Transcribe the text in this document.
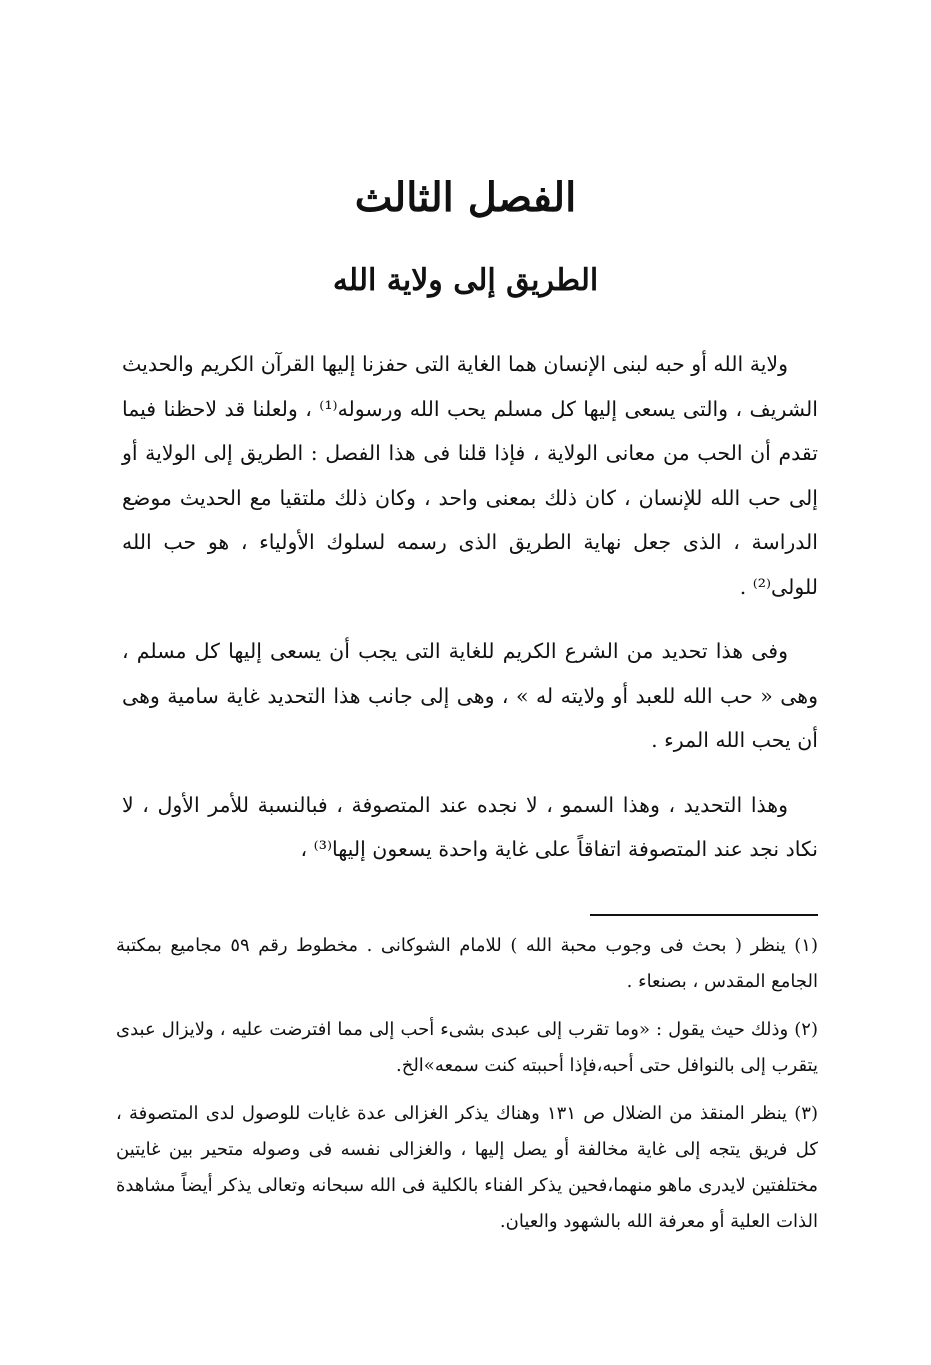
الفصل الثالث
الطريق إلى ولاية الله

ولاية الله أو حبه لبنى الإنسان هما الغاية التى حفزنا إليها القرآن الكريم والحديث الشريف ، والتى يسعى إليها كل مسلم يحب الله ورسوله⁽¹⁾ ، ولعلنا قد لاحظنا فيما تقدم أن الحب من معانى الولاية ، فإذا قلنا فى هذا الفصل : الطريق إلى الولاية أو إلى حب الله للإنسان ، كان ذلك بمعنى واحد ، وكان ذلك ملتقيا مع الحديث موضع الدراسة ، الذى جعل نهاية الطريق الذى رسمه لسلوك الأولياء ، هو حب الله للولى⁽²⁾ .

وفى هذا تحديد من الشرع الكريم للغاية التى يجب أن يسعى إليها كل مسلم ، وهى « حب الله للعبد أو ولايته له » ، وهى إلى جانب هذا التحديد غاية سامية وهى أن يحب الله المرء .

وهذا التحديد ، وهذا السمو ، لا نجده عند المتصوفة ، فبالنسبة للأمر الأول ، لا نكاد نجد عند المتصوفة اتفاقاً على غاية واحدة يسعون إليها⁽³⁾ ،

(١) ينظر ( بحث فى وجوب محبة الله ) للامام الشوكانى . مخطوط رقم ٥٩ مجاميع بمكتبة الجامع المقدس ، بصنعاء .

(٢) وذلك حيث يقول : «وما تقرب إلى عبدى بشىء أحب إلى مما افترضت عليه ، ولايزال عبدى يتقرب إلى بالنوافل حتى أحبه،فإذا أحببته كنت سمعه»الخ.

(٣) ينظر المنقذ من الضلال ص ١٣١ وهناك يذكر الغزالى عدة غايات للوصول لدى المتصوفة ، كل فريق يتجه إلى غاية مخالفة أو يصل إليها ، والغزالى نفسه فى وصوله متحير بين غايتين مختلفتين لايدرى ماهو منهما،فحين يذكر الفناء بالكلية فى الله سبحانه وتعالى يذكر أيضاً مشاهدة الذات العلية أو معرفة الله بالشهود والعيان.
